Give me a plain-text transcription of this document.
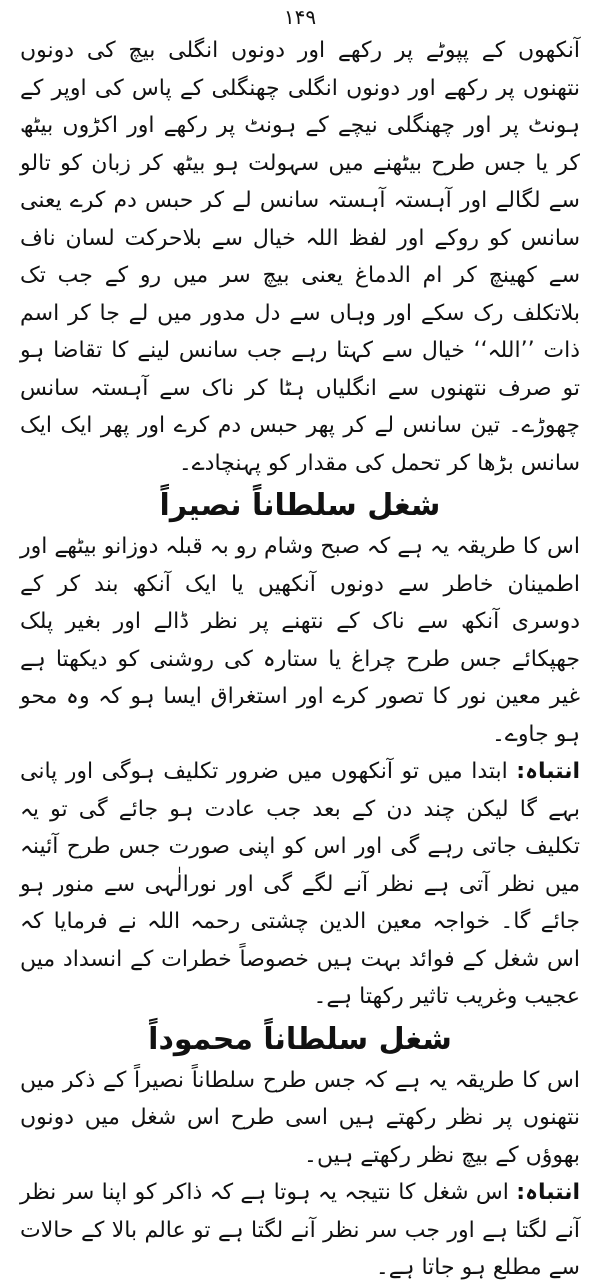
۱۴۹

آنکھوں کے پپوٹے پر رکھے اور دونوں انگلی بیچ کی دونوں نتھنوں پر رکھے اور دونوں انگلی چھنگلی کے پاس کی اوپر کے ہونٹ پر اور چھنگلی نیچے کے ہونٹ پر رکھے اور اکڑوں بیٹھ کر یا جس طرح بیٹھنے میں سہولت ہو بیٹھ کر زبان کو تالو سے لگالے اور آہستہ آہستہ سانس لے کر حبس دم کرے یعنی سانس کو روکے اور لفظ اللہ خیال سے بلاحرکت لسان ناف سے کھینچ کر ام الدماغ یعنی بیچ سر میں رو کے جب تک بلاتکلف رک سکے اور وہاں سے دل مدور میں لے جا کر اسم ذات ’’اللہ‘‘ خیال سے کہتا رہے جب سانس لینے کا تقاضا ہو تو صرف نتھنوں سے انگلیاں ہٹا کر ناک سے آہستہ سانس چھوڑے۔ تین سانس لے کر پھر حبس دم کرے اور پھر ایک ایک سانس بڑھا کر تحمل کی مقدار کو پہنچادے۔

شغل سلطاناً نصیراً

اس کا طریقہ یہ ہے کہ صبح وشام رو بہ قبلہ دوزانو بیٹھے اور اطمینان خاطر سے دونوں آنکھیں یا ایک آنکھ بند کر کے دوسری آنکھ سے ناک کے نتھنے پر نظر ڈالے اور بغیر پلک جھپکائے جس طرح چراغ یا ستارہ کی روشنی کو دیکھتا ہے غیر معین نور کا تصور کرے اور استغراق ایسا ہو کہ وہ محو ہو جاوے۔

انتباہ: ابتدا میں تو آنکھوں میں ضرور تکلیف ہوگی اور پانی بہے گا لیکن چند دن کے بعد جب عادت ہو جائے گی تو یہ تکلیف جاتی رہے گی اور اس کو اپنی صورت جس طرح آئینہ میں نظر آتی ہے نظر آنے لگے گی اور نورالٰہی سے منور ہو جائے گا۔ خواجہ معین الدین چشتی رحمہ اللہ نے فرمایا کہ اس شغل کے فوائد بہت ہیں خصوصاً خطرات کے انسداد میں عجیب وغریب تاثیر رکھتا ہے۔

شغل سلطاناً محموداً

اس کا طریقہ یہ ہے کہ جس طرح سلطاناً نصیراً کے ذکر میں نتھنوں پر نظر رکھتے ہیں اسی طرح اس شغل میں دونوں بھوؤں کے بیچ نظر رکھتے ہیں۔

انتباہ: اس شغل کا نتیجہ یہ ہوتا ہے کہ ذاکر کو اپنا سر نظر آنے لگتا ہے اور جب سر نظر آنے لگتا ہے تو عالم بالا کے حالات سے مطلع ہو جاتا ہے۔
